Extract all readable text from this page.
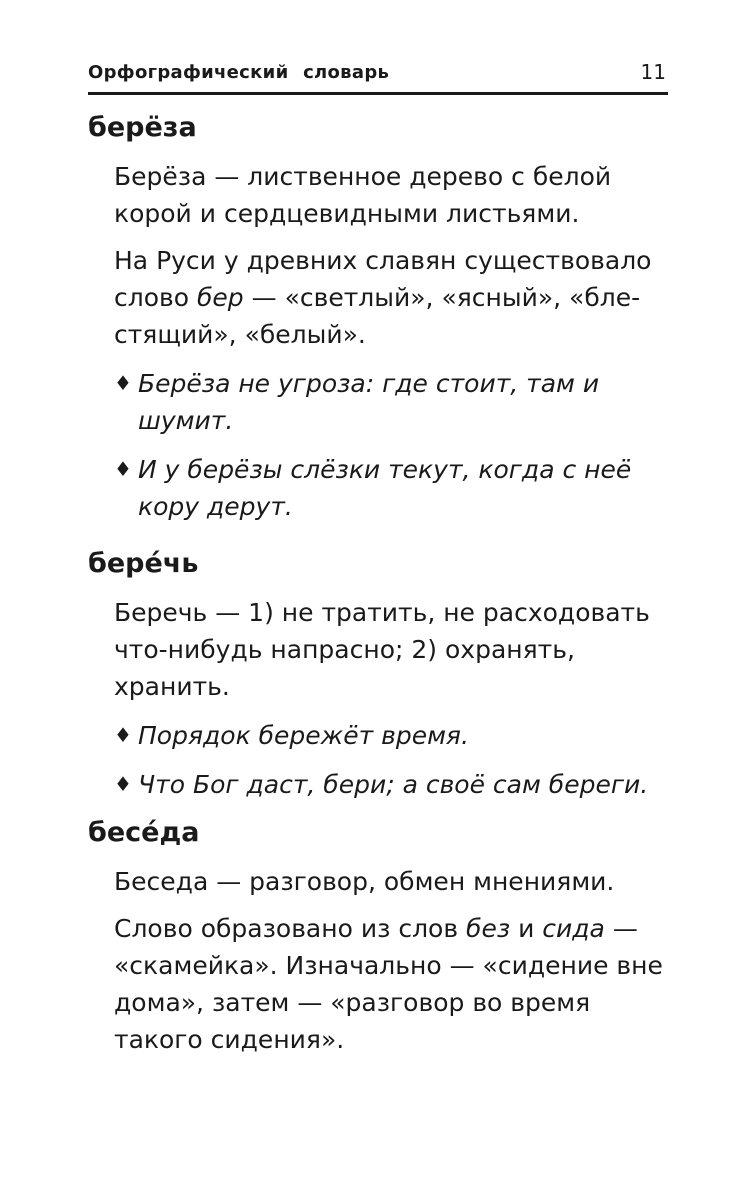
Орфографический словарь	11

берёза

Берёза — лиственное дерево с белой корой и сердцевидными листьями.

На Руси у древних славян существовало слово бер — «светлый», «ясный», «блестящий», «белый».

♦ Берёза не угроза: где стоит, там и шумит.
♦ И у берёзы слёзки текут, когда с неё кору дерут.

бере́чь

Беречь — 1) не тратить, не расходовать что-нибудь напрасно; 2) охранять, хранить.

♦ Порядок бережёт время.
♦ Что Бог даст, бери; а своё сам береги.

бесе́да

Беседа — разговор, обмен мнениями.

Слово образовано из слов без и сида — «скамейка». Изначально — «сидение вне дома», затем — «разговор во время такого сидения».
